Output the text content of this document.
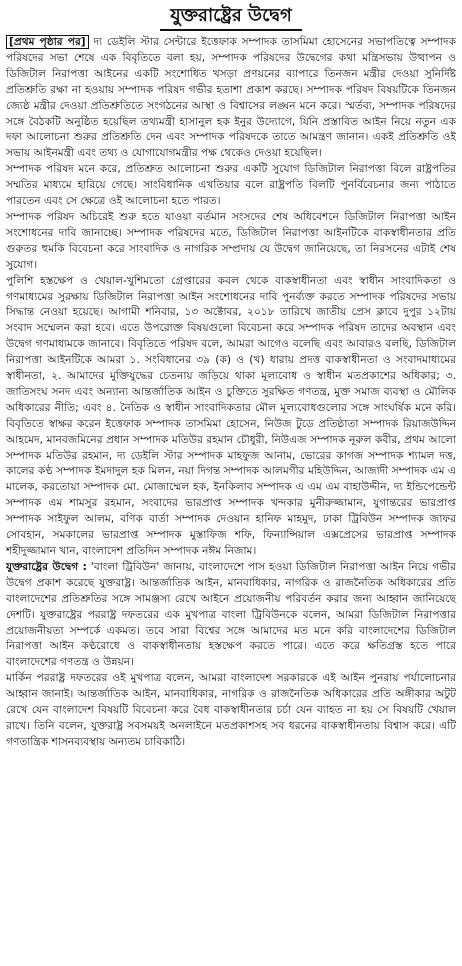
যুক্তরাষ্ট্রের উদ্বেগ

[প্রথম পৃষ্ঠার পর] দ্য ডেইলি স্টার সেন্টারে ইত্তেফাক সম্পাদক তাসমিমা হোসেনের সভাপতিত্বে সম্পাদক পরিষদের সভা শেষে এক বিবৃতিতে বলা হয়, সম্পাদক পরিষদের উদ্বেগের কথা মন্ত্রিসভায় উত্থাপন ও ডিজিটাল নিরাপত্তা আইনের একটি সংশোধিত খসড়া প্রণয়নের ব্যাপারে তিনজন মন্ত্রীর দেওয়া সুনির্দিষ্ট প্রতিশ্রুতি রক্ষা না হওয়ায় সম্পাদক পরিষদ গভীর হতাশা প্রকাশ করছে। সম্পাদক পরিষদ বিষয়টিকে তিনজন জ্যেষ্ঠ মন্ত্রীর দেওয়া প্রতিশ্রুতিতে সংগঠনের আস্থা ও বিশ্বাসের লঙ্ঘন মনে করে। স্মর্তব্য, সম্পাদক পরিষদের সঙ্গে বৈঠকটি অনুষ্ঠিত হয়েছিল তথ্যমন্ত্রী হাসানুল হক ইনুর উদ্যোগে, যিনি প্রস্তাবিত আইন নিয়ে নতুন এক দফা আলোচনা শুরুর প্রতিশ্রুতি দেন এবং সম্পাদক পরিষদকে তাতে আমন্ত্রণ জানান। একই প্রতিশ্রুতি ওই সভায় আইনমন্ত্রী এবং তথ্য ও যোগাযোগমন্ত্রীর পক্ষ থেকেও দেওয়া হয়েছিল।

সম্পাদক পরিষদ মনে করে, প্রতিশ্রুত আলোচনা শুরুর একটি সুযোগ ডিজিটাল নিরাপত্তা বিলে রাষ্ট্রপতির সম্মতির মাধ্যমে হারিয়ে গেছে। সাংবিধানিক এখতিয়ার বলে রাষ্ট্রপতি বিলটি পুনর্বিবেচনার জন্য পাঠাতে পারতেন এবং সে ক্ষেত্রে ওই আলোচনা হতে পারত।

সম্পাদক পরিষদ অচিরেই শুরু হতে যাওয়া বর্তমান সংসদের শেষ অধিবেশনে ডিজিটাল নিরাপত্তা আইন সংশোধনের দাবি জানাচ্ছে। সম্পাদক পরিষদের মতে, ডিজিটাল নিরাপত্তা আইনটিকে বাকস্বাধীনতার প্রতি গুরুতর হুমকি বিবেচনা করে সাংবাদিক ও নাগরিক সম্প্রদায় যে উদ্বেগ জানিয়েছে, তা নিরসনের এটাই শেষ সুযোগ।

পুলিশি হস্তক্ষেপ ও খেয়াল-খুশিমতো গ্রেপ্তারের কবল থেকে বাকস্বাধীনতা এবং স্বাধীন সাংবাদিকতা ও গণমাধ্যমের সুরক্ষায় ডিজিটাল নিরাপত্তা আইন সংশোধনের দাবি পুনর্ব্যক্ত করতে সম্পাদক পরিষদের সভায় সিদ্ধান্ত নেওয়া হয়েছে। আগামী শনিবার, ১৩ অক্টোবর, ২০১৮ তারিখে জাতীয় প্রেস ক্লাবে দুপুর ১২টায় সংবাদ সম্মেলন করা হবে। এতে উপরোক্ত বিষয়গুলো বিবেচনা করে সম্পাদক পরিষদ তাদের অবস্থান এবং উদ্বেগ গণমাধ্যমকে জানাবে। বিবৃতিতে পরিষদ বলে, আমরা আগেও বলেছি এবং আবারও বলছি, ডিজিটাল নিরাপত্তা আইনটিকে আমরা ১. সংবিধানের ৩৯ (ক) ও (খ) ধারায় প্রদত্ত বাকস্বাধীনতা ও সংবাদমাধ্যমের স্বাধীনতা, ২. আমাদের মুক্তিযুদ্ধের চেতনায় জড়িয়ে থাকা মূল্যবোধ ও স্বাধীন মতপ্রকাশের অধিকার; ৩. জাতিসংঘ সনদ এবং অন্যান্য আন্তর্জাতিক আইন ও চুক্তিতে সুরক্ষিত গণতন্ত্র, মুক্ত সমাজ ব্যবস্থা ও মৌলিক অধিকারের নীতি; এবং ৪. নৈতিক ও স্বাধীন সাংবাদিকতার মৌল মূল্যবোধগুলোর সঙ্গে সাংঘর্ষিক মনে করি। বিবৃতিতে স্বাক্ষর করেন ইত্তেফাক সম্পাদক তাসমিমা হোসেন, নিউজ টুডে প্রতিষ্ঠাতা সম্পাদক রিয়াজউদ্দিন আহমেদ, মানবজমিনের প্রধান সম্পাদক মতিউর রহমান চৌধুরী, নিউএজ সম্পাদক নূরুল কবীর, প্রথম আলো সম্পাদক মতিউর রহমান, দ্য ডেইলি স্টার সম্পাদক মাহফুজ আনাম, ভোরের কাগজ সম্পাদক শ্যামল দত্ত, কালের কণ্ঠ সম্পাদক ইমদাদুল হক মিলন, নয়া দিগন্ত সম্পাদক আলমগীর মহিউদ্দিন, আজাদী সম্পাদক এম এ মালেক, করতোয়া সম্পাদক মো. মোজাম্মেল হক, ইনকিলাব সম্পাদক এ এম এম বাহাউদ্দীন, দ্য ইন্ডিপেন্ডেন্ট সম্পাদক এম শামসুর রহমান, সংবাদের ভারপ্রাপ্ত সম্পাদক খন্দকার মুনীরুজ্জামান, যুগান্তরের ভারপ্রাপ্ত সম্পাদক সাইফুল আলম, বণিক বার্তা সম্পাদক দেওয়ান হানিফ মাহমুদ, ঢাকা ট্রিবিউন সম্পাদক জাফর সোবহান, সমকালের ভারপ্রাপ্ত সম্পাদক মুস্তাফিজ শফি, ফিন্যান্সিয়াল এক্সপ্রেসের ভারপ্রাপ্ত সম্পাদক শহীদুজ্জামান খান, বাংলাদেশ প্রতিদিন সম্পাদক নঈম নিজাম।

যুক্তরাষ্ট্রের উদ্বেগ : 'বাংলা ট্রিবিউন' জানায়, বাংলাদেশে পাস হওয়া ডিজিটাল নিরাপত্তা আইন নিয়ে গভীর উদ্বেগ প্রকাশ করেছে যুক্তরাষ্ট্র। আন্তর্জাতিক আইন, মানবাধিকার, নাগরিক ও রাজনৈতিক অধিকারের প্রতি বাংলাদেশের প্রতিশ্রুতির সঙ্গে সামঞ্জস্য রেখে আইনে প্রয়োজনীয় পরিবর্তন করার জন্য আহ্বান জানিয়েছে দেশটি। যুক্তরাষ্ট্রের পররাষ্ট্র দফতরের এক মুখপাত্র বাংলা ট্রিবিউনকে বলেন, আমরা ডিজিটাল নিরাপত্তার প্রয়োজনীয়তা সম্পর্কে একমত। তবে সারা বিশ্বের সঙ্গে আমাদের মত মনে করি বাংলাদেশের ডিজিটাল নিরাপত্তা আইন কণ্ঠরোধে ও বাকস্বাধীনতায় হস্তক্ষেপ করতে পারে। এতে করে ক্ষতিগ্রস্ত হতে পারে বাংলাদেশের গণতন্ত্র ও উন্নয়ন।

মার্কিন পররাষ্ট্র দফতরের ওই মুখপাত্র বলেন, আমরা বাংলাদেশ সরকারকে এই আইন পুনরায় পর্যালোচনার আহ্বান জানাই। আন্তর্জাতিক আইন, মানবাধিকার, নাগরিক ও রাজনৈতিক অধিকারের প্রতি অঙ্গীকার অটুট রেখে যেন বাংলাদেশ বিষয়টি বিবেচনা করে বৈধ বাকস্বাধীনতার চর্চা যেন ব্যাহত না হয় সে বিষয়টি খেয়াল রাখে। তিনি বলেন, যুক্তরাষ্ট্র সবসময়ই অনলাইনে মতপ্রকাশসহ সব ধরনের বাকস্বাধীনতায় বিশ্বাস করে। এটি গণতান্ত্রিক শাসনব্যবস্থায় অন্যতম চাবিকাঠি।
